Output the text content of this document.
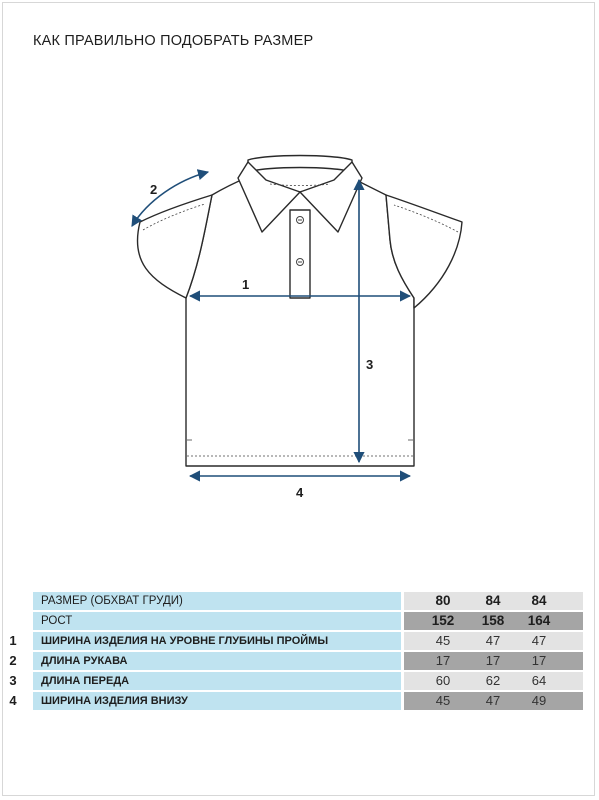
КАК ПРАВИЛЬНО ПОДОБРАТЬ РАЗМЕР
1
2
3
4
РАЗМЕР (ОБХВАТ ГРУДИ)	80	84	84
РОСТ	152	158	164
1	ШИРИНА ИЗДЕЛИЯ НА УРОВНЕ ГЛУБИНЫ ПРОЙМЫ	45	47	47
2	ДЛИНА РУКАВА	17	17	17
3	ДЛИНА ПЕРЕДА	60	62	64
4	ШИРИНА ИЗДЕЛИЯ ВНИЗУ	45	47	49
